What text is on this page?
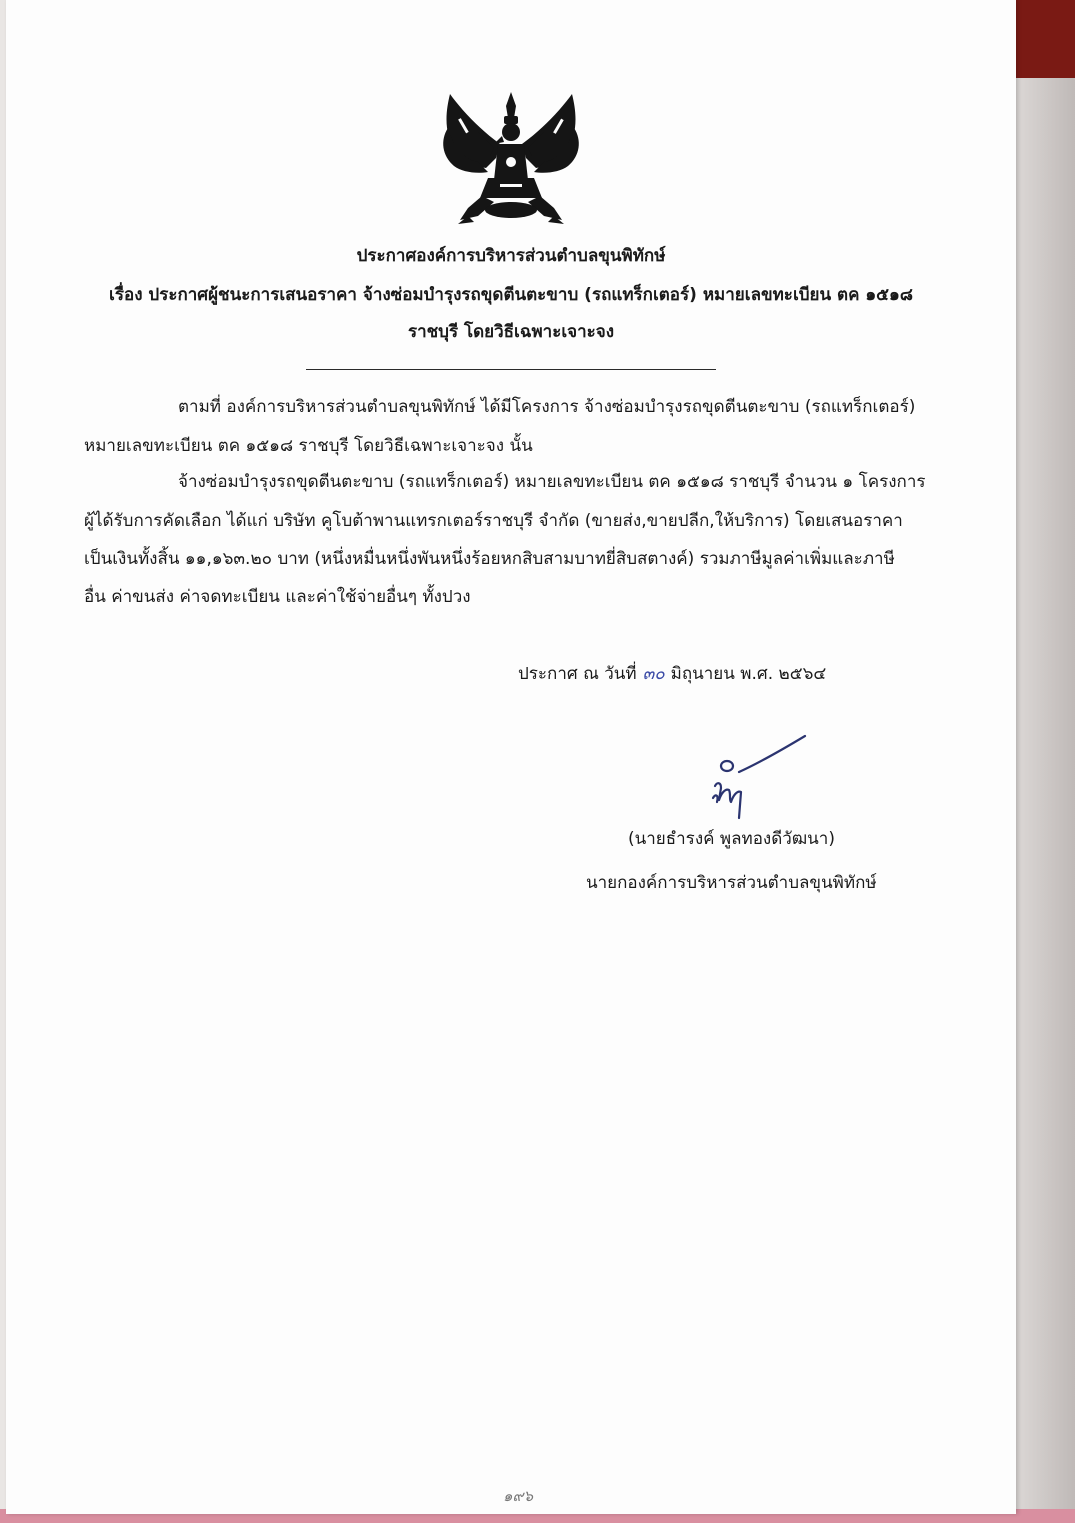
ประกาศองค์การบริหารส่วนตำบลขุนพิทักษ์
เรื่อง ประกาศผู้ชนะการเสนอราคา จ้างซ่อมบำรุงรถขุดตีนตะขาบ (รถแทร็กเตอร์) หมายเลขทะเบียน ตค ๑๕๑๘
ราชบุรี โดยวิธีเฉพาะเจาะจง
ตามที่ องค์การบริหารส่วนตำบลขุนพิทักษ์ ได้มีโครงการ จ้างซ่อมบำรุงรถขุดตีนตะขาบ (รถแทร็กเตอร์)
หมายเลขทะเบียน ตค ๑๕๑๘ ราชบุรี โดยวิธีเฉพาะเจาะจง นั้น
จ้างซ่อมบำรุงรถขุดตีนตะขาบ (รถแทร็กเตอร์) หมายเลขทะเบียน ตค ๑๕๑๘ ราชบุรี จำนวน ๑ โครงการ
ผู้ได้รับการคัดเลือก ได้แก่ บริษัท คูโบต้าพานแทรกเตอร์ราชบุรี จำกัด (ขายส่ง,ขายปลีก,ให้บริการ) โดยเสนอราคา
เป็นเงินทั้งสิ้น ๑๑,๑๖๓.๒๐ บาท (หนึ่งหมื่นหนึ่งพันหนึ่งร้อยหกสิบสามบาทยี่สิบสตางค์) รวมภาษีมูลค่าเพิ่มและภาษี
อื่น ค่าขนส่ง ค่าจดทะเบียน และค่าใช้จ่ายอื่นๆ ทั้งปวง
ประกาศ ณ วันที่ ๓๐ มิถุนายน พ.ศ. ๒๕๖๔
(นายธำรงค์ พูลทองดีวัฒนา)
นายกองค์การบริหารส่วนตำบลขุนพิทักษ์
๑๙๖
